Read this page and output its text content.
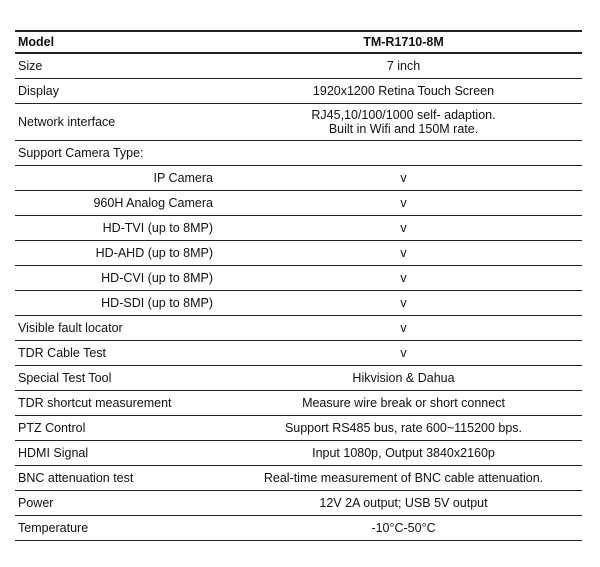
Model	TM-R1710-8M
Size	7 inch
Display	1920x1200 Retina Touch Screen
Network interface	RJ45,10/100/1000 self- adaption.
Built in Wifi and 150M rate.

Support Camera Type:	
IP Camera	v
960H Analog Camera	v
HD-TVI (up to 8MP)	v
HD-AHD (up to 8MP)	v
HD-CVI (up to 8MP)	v
HD-SDI (up to 8MP)	v
Visible fault locator	v
TDR Cable Test	v
Special Test Tool	Hikvision & Dahua
TDR shortcut measurement	Measure wire break or short connect
PTZ Control	Support RS485 bus, rate 600~115200 bps.
HDMI Signal	Input 1080p, Output 3840x2160p
BNC attenuation test	Real-time measurement of BNC cable attenuation.
Power	12V 2A output; USB 5V output
Temperature	-10°C-50°C
